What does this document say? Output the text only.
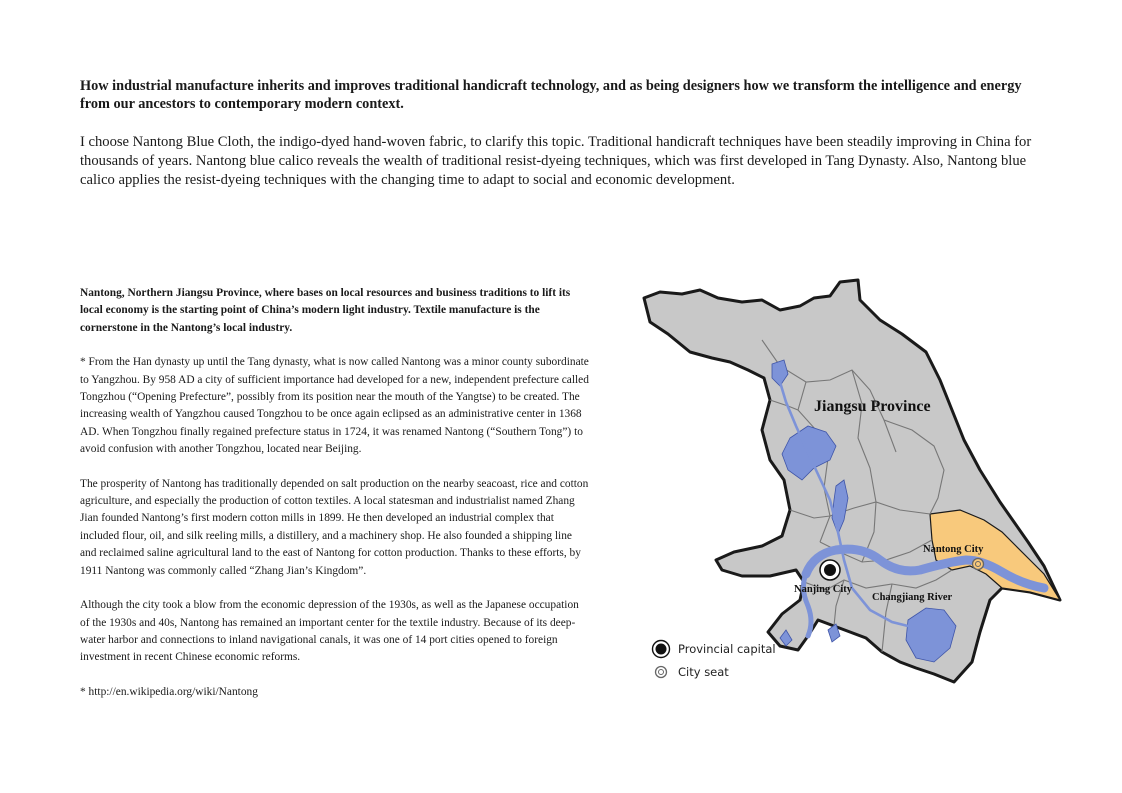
How industrial manufacture inherits and improves traditional handicraft technology, and as being designers how we transform the intelligence and energy from our ancestors to contemporary modern context.

I choose Nantong Blue Cloth, the indigo-dyed hand-woven fabric, to clarify this topic. Traditional handicraft techniques have been steadily improving in China for thousands of years. Nantong blue calico reveals the wealth of traditional resist-dyeing techniques, which was first developed in Tang Dynasty. Also, Nantong blue calico applies the resist-dyeing techniques with the changing time to adapt to social and economic development.

Nantong, Northern Jiangsu Province, where bases on local resources and business traditions to lift its local economy is the starting point of China’s modern light industry. Textile manufacture is the cornerstone in the Nantong’s local industry.

* From the Han dynasty up until the Tang dynasty, what is now called Nantong was a minor county subordinate to Yangzhou. By 958 AD a city of sufficient importance had developed for a new, independent prefecture called Tongzhou (“Opening Prefecture”, possibly from its position near the mouth of the Yangtse) to be created. The increasing wealth of Yangzhou caused Tongzhou to be once again eclipsed as an administrative center in 1368 AD. When Tongzhou finally regained prefecture status in 1724, it was renamed Nantong (“Southern Tong”) to avoid confusion with another Tongzhou, located near Beijing.

The prosperity of Nantong has traditionally depended on salt production on the nearby seacoast, rice and cotton agriculture, and especially the production of cotton textiles. A local statesman and industrialist named Zhang Jian founded Nantong’s first modern cotton mills in 1899. He then developed an industrial complex that included flour, oil, and silk reeling mills, a distillery, and a machinery shop. He also founded a shipping line and reclaimed saline agricultural land to the east of Nantong for cotton production. Thanks to these efforts, by 1911 Nantong was commonly called “Zhang Jian’s Kingdom”.

Although the city took a blow from the economic depression of the 1930s, as well as the Japanese occupation of the 1930s and 40s, Nantong has remained an important center for the textile industry. Because of its deep-water harbor and connections to inland navigational canals, it was one of 14 port cities opened to foreign investment in recent Chinese economic reforms.

* http://en.wikipedia.org/wiki/Nantong

Jiangsu Province
Nantong City
Nanjing City
Changjiang River
Provincial capital
City seat
